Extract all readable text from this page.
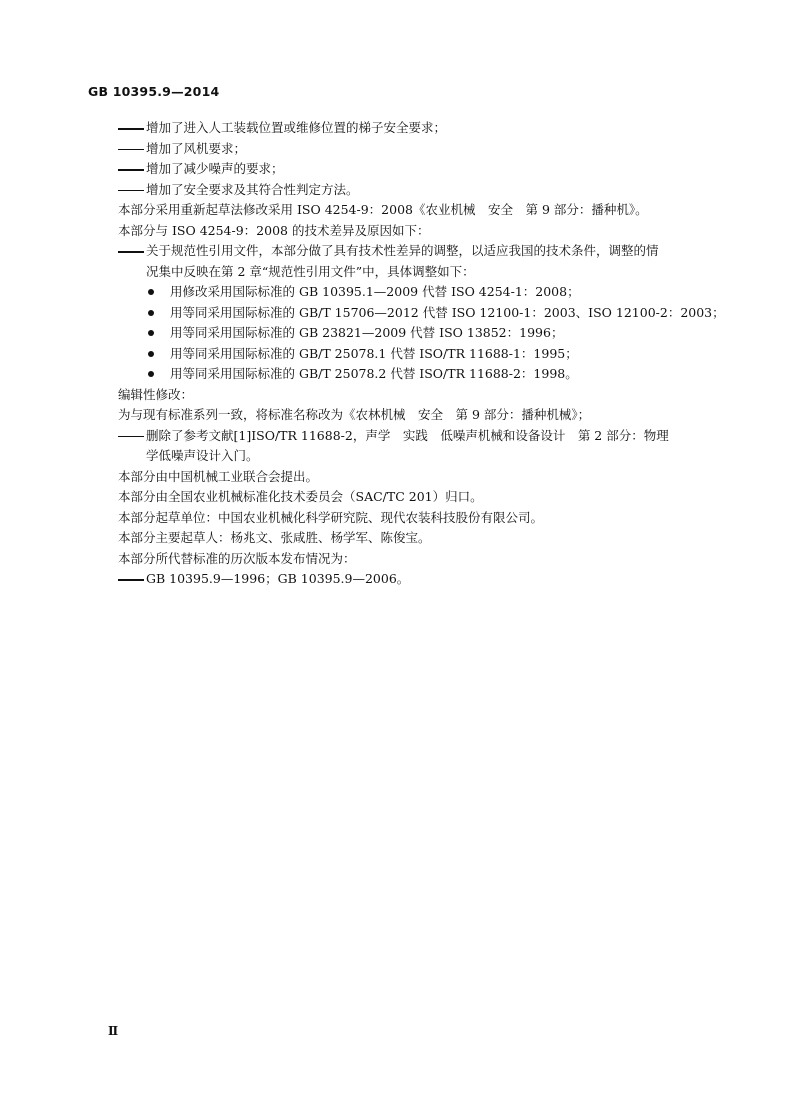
GB 10395.9—2014
增加了进入人工装载位置或维修位置的梯子安全要求；
增加了风机要求；
增加了减少噪声的要求；
增加了安全要求及其符合性判定方法。

本部分采用重新起草法修改采用 ISO 4254-9：2008《农业机械　安全　第 9 部分：播种机》。

本部分与 ISO 4254-9：2008 的技术差异及原因如下：

关于规范性引用文件，本部分做了具有技术性差异的调整，以适应我国的技术条件，调整的情
况集中反映在第 2 章“规范性引用文件”中，具体调整如下：
用修改采用国际标准的 GB 10395.1—2009 代替 ISO 4254-1：2008；
用等同采用国际标准的 GB/T 15706—2012 代替 ISO 12100-1：2003、ISO 12100-2：2003；
用等同采用国际标准的 GB 23821—2009 代替 ISO 13852：1996；
用等同采用国际标准的 GB/T 25078.1 代替 ISO/TR 11688-1：1995；
用等同采用国际标准的 GB/T 25078.2 代替 ISO/TR 11688-2：1998。

编辑性修改：

为与现有标准系列一致，将标准名称改为《农林机械　安全　第 9 部分：播种机械》；

删除了参考文献[1]ISO/TR 11688-2，声学　实践　低噪声机械和设备设计　第 2 部分：物理
学低噪声设计入门。

本部分由中国机械工业联合会提出。

本部分由全国农业机械标准化技术委员会（SAC/TC 201）归口。

本部分起草单位：中国农业机械化科学研究院、现代农装科技股份有限公司。

本部分主要起草人：杨兆文、张咸胜、杨学军、陈俊宝。

本部分所代替标准的历次版本发布情况为：

GB 10395.9—1996；GB 10395.9—2006。
Ⅱ
